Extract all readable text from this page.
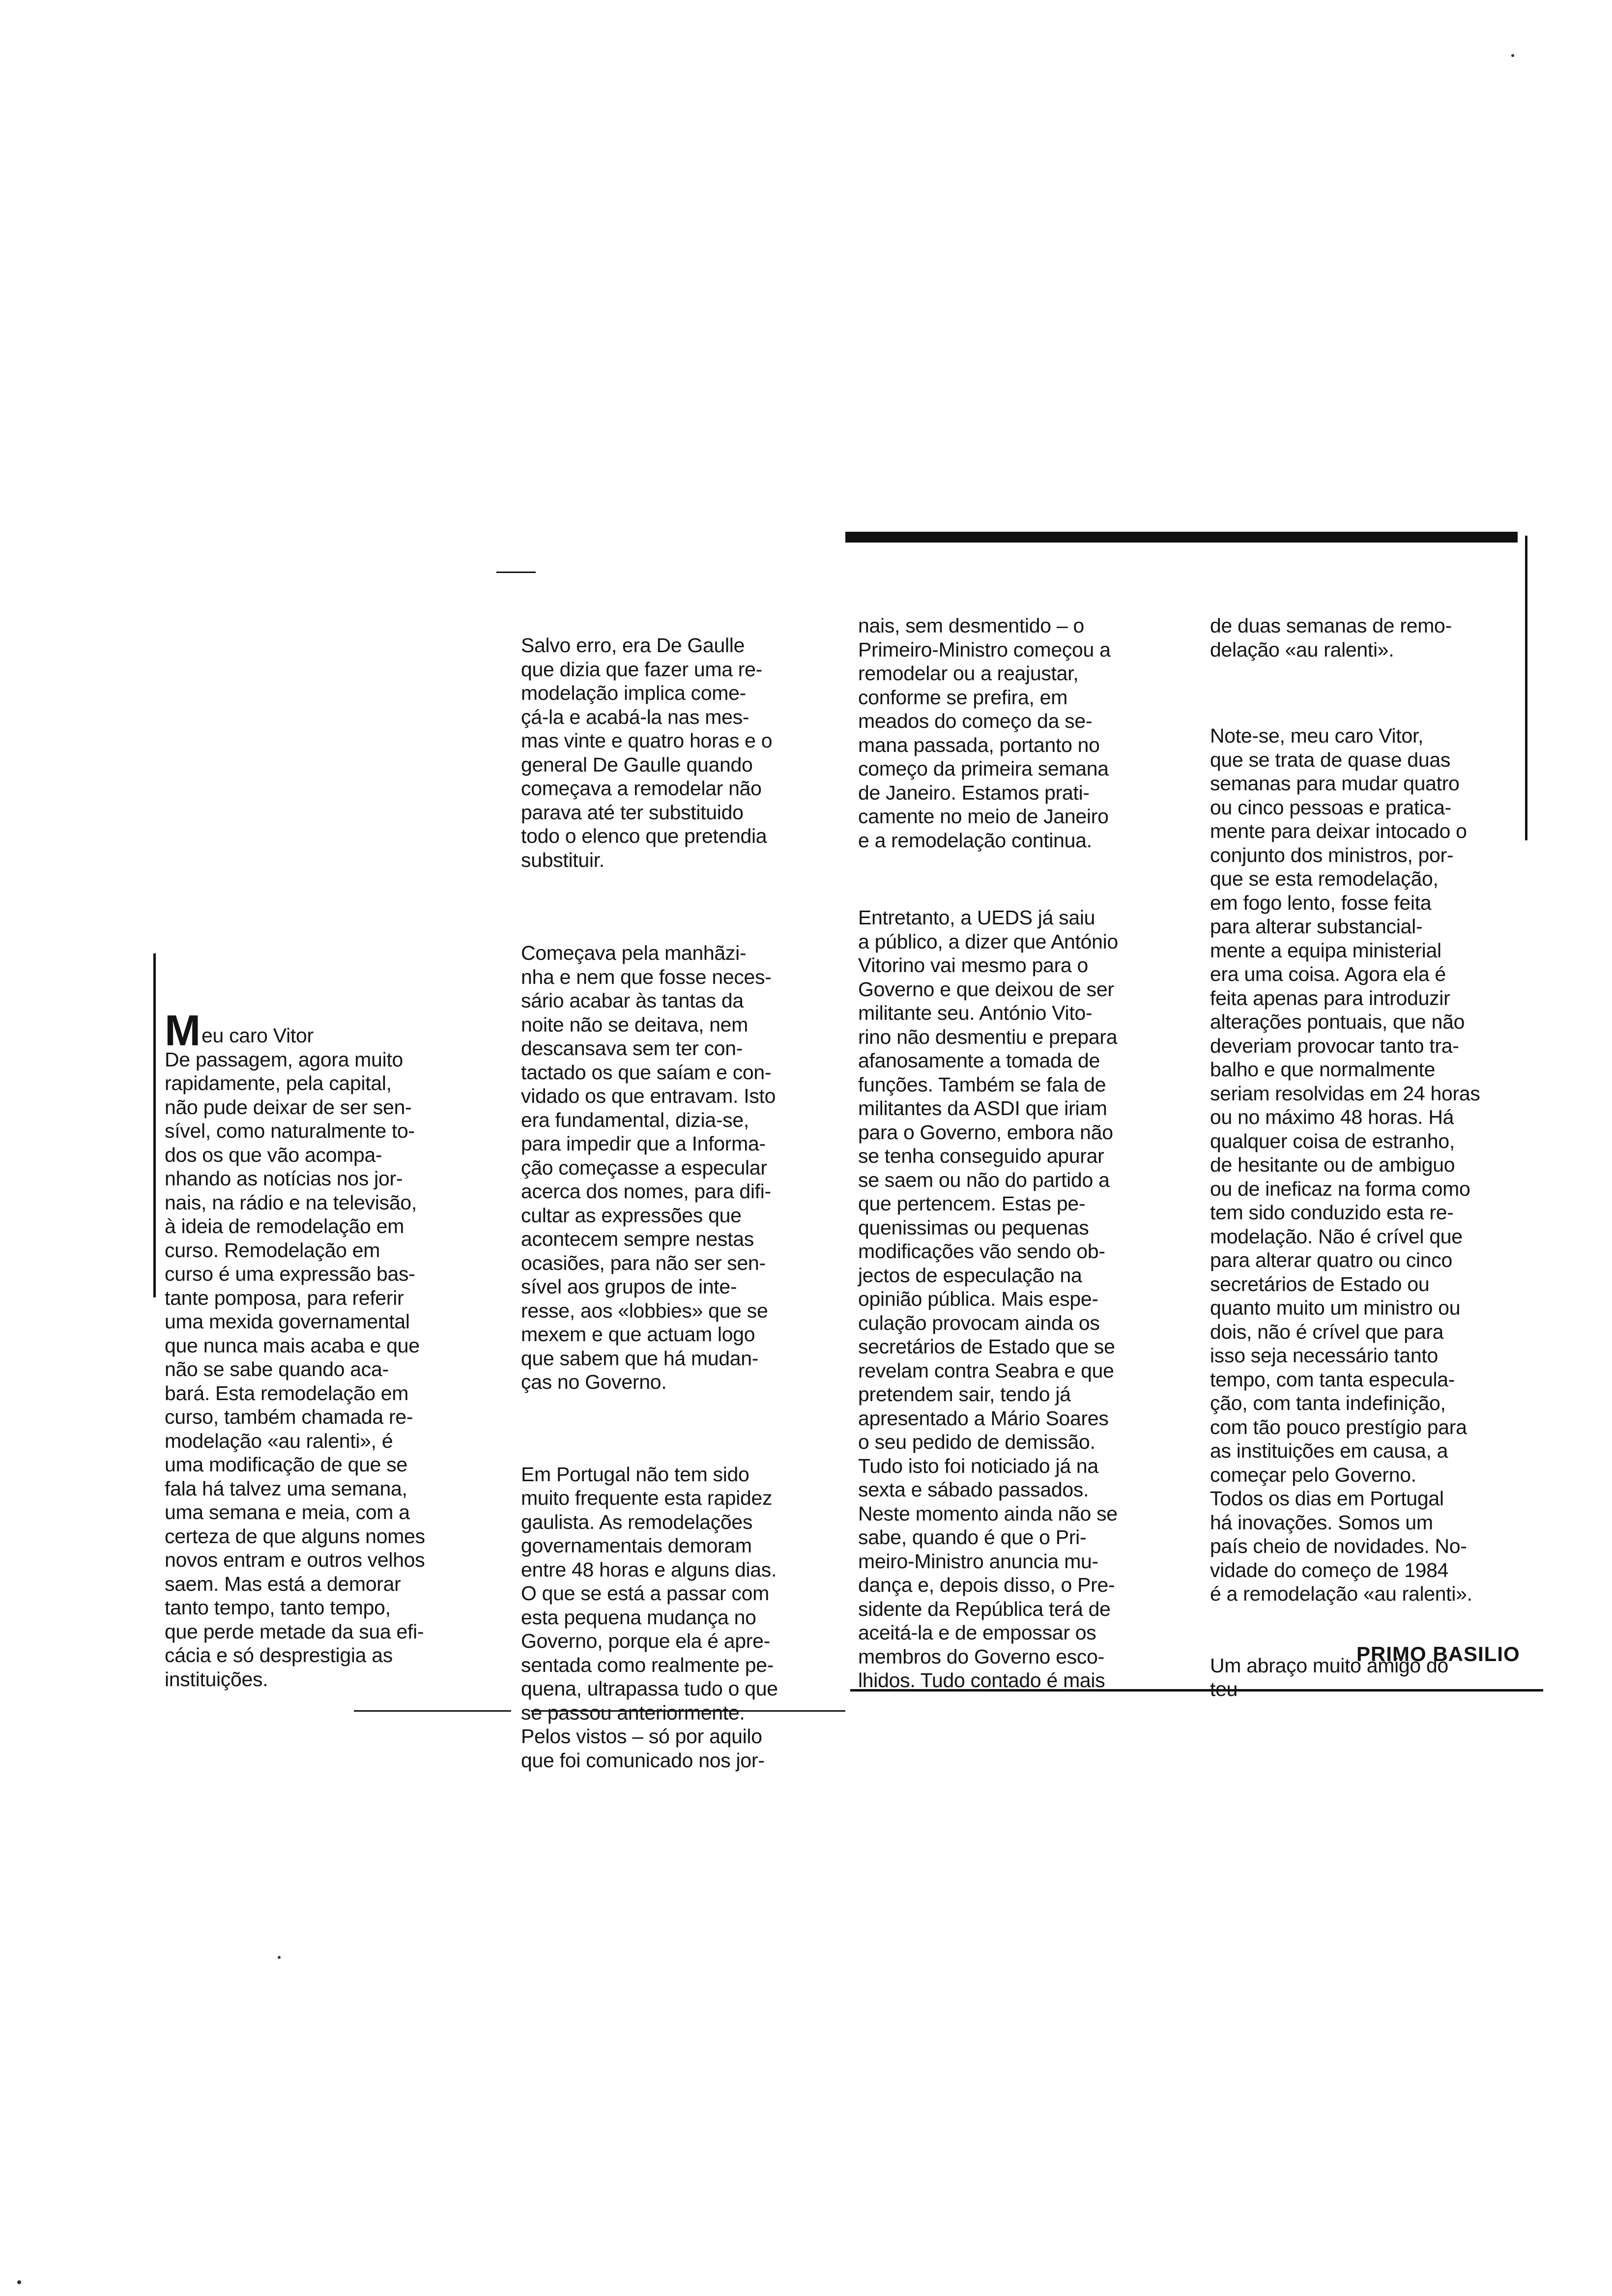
Meu caro Vitor
De passagem, agora muito
rapidamente, pela capital,
não pude deixar de ser sen-
sível, como naturalmente to-
dos os que vão acompa-
nhando as notícias nos jor-
nais, na rádio e na televisão,
à ideia de remodelação em
curso. Remodelação em
curso é uma expressão bas-
tante pomposa, para referir
uma mexida governamental
que nunca mais acaba e que
não se sabe quando aca-
bará. Esta remodelação em
curso, também chamada re-
modelação «au ralenti», é
uma modificação de que se
fala há talvez uma semana,
uma semana e meia, com a
certeza de que alguns nomes
novos entram e outros velhos
saem. Mas está a demorar
tanto tempo, tanto tempo,
que perde metade da sua efi-
cácia e só desprestigia as
instituições.

Salvo erro, era De Gaulle
que dizia que fazer uma re-
modelação implica come-
çá-la e acabá-la nas mes-
mas vinte e quatro horas e o
general De Gaulle quando
começava a remodelar não
parava até ter substituido
todo o elenco que pretendia
substituir.

Começava pela manhãzi-
nha e nem que fosse neces-
sário acabar às tantas da
noite não se deitava, nem
descansava sem ter con-
tactado os que saíam e con-
vidado os que entravam. Isto
era fundamental, dizia-se,
para impedir que a Informa-
ção começasse a especular
acerca dos nomes, para difi-
cultar as expressões que
acontecem sempre nestas
ocasiões, para não ser sen-
sível aos grupos de inte-
resse, aos «lobbies» que se
mexem e que actuam logo
que sabem que há mudan-
ças no Governo.

Em Portugal não tem sido
muito frequente esta rapidez
gaulista. As remodelações
governamentais demoram
entre 48 horas e alguns dias.
O que se está a passar com
esta pequena mudança no
Governo, porque ela é apre-
sentada como realmente pe-
quena, ultrapassa tudo o que
se passou anteriormente.
Pelos vistos – só por aquilo
que foi comunicado nos jor-

nais, sem desmentido – o
Primeiro-Ministro começou a
remodelar ou a reajustar,
conforme se prefira, em
meados do começo da se-
mana passada, portanto no
começo da primeira semana
de Janeiro. Estamos prati-
camente no meio de Janeiro
e a remodelação continua.

Entretanto, a UEDS já saiu
a público, a dizer que António
Vitorino vai mesmo para o
Governo e que deixou de ser
militante seu. António Vito-
rino não desmentiu e prepara
afanosamente a tomada de
funções. Também se fala de
militantes da ASDI que iriam
para o Governo, embora não
se tenha conseguido apurar
se saem ou não do partido a
que pertencem. Estas pe-
quenissimas ou pequenas
modificações vão sendo ob-
jectos de especulação na
opinião pública. Mais espe-
culação provocam ainda os
secretários de Estado que se
revelam contra Seabra e que
pretendem sair, tendo já
apresentado a Mário Soares
o seu pedido de demissão.
Tudo isto foi noticiado já na
sexta e sábado passados.
Neste momento ainda não se
sabe, quando é que o Pri-
meiro-Ministro anuncia mu-
dança e, depois disso, o Pre-
sidente da República terá de
aceitá-la e de empossar os
membros do Governo esco-
lhidos. Tudo contado é mais

de duas semanas de remo-
delação «au ralenti».

Note-se, meu caro Vitor,
que se trata de quase duas
semanas para mudar quatro
ou cinco pessoas e pratica-
mente para deixar intocado o
conjunto dos ministros, por-
que se esta remodelação,
em fogo lento, fosse feita
para alterar substancial-
mente a equipa ministerial
era uma coisa. Agora ela é
feita apenas para introduzir
alterações pontuais, que não
deveriam provocar tanto tra-
balho e que normalmente
seriam resolvidas em 24 horas
ou no máximo 48 horas. Há
qualquer coisa de estranho,
de hesitante ou de ambiguo
ou de ineficaz na forma como
tem sido conduzido esta re-
modelação. Não é crível que
para alterar quatro ou cinco
secretários de Estado ou
quanto muito um ministro ou
dois, não é crível que para
isso seja necessário tanto
tempo, com tanta especula-
ção, com tanta indefinição,
com tão pouco prestígio para
as instituições em causa, a
começar pelo Governo.
Todos os dias em Portugal
há inovações. Somos um
país cheio de novidades. No-
vidade do começo de 1984
é a remodelação «au ralenti».

Um abraço muito amigo do
teu

PRIMO BASILIO
